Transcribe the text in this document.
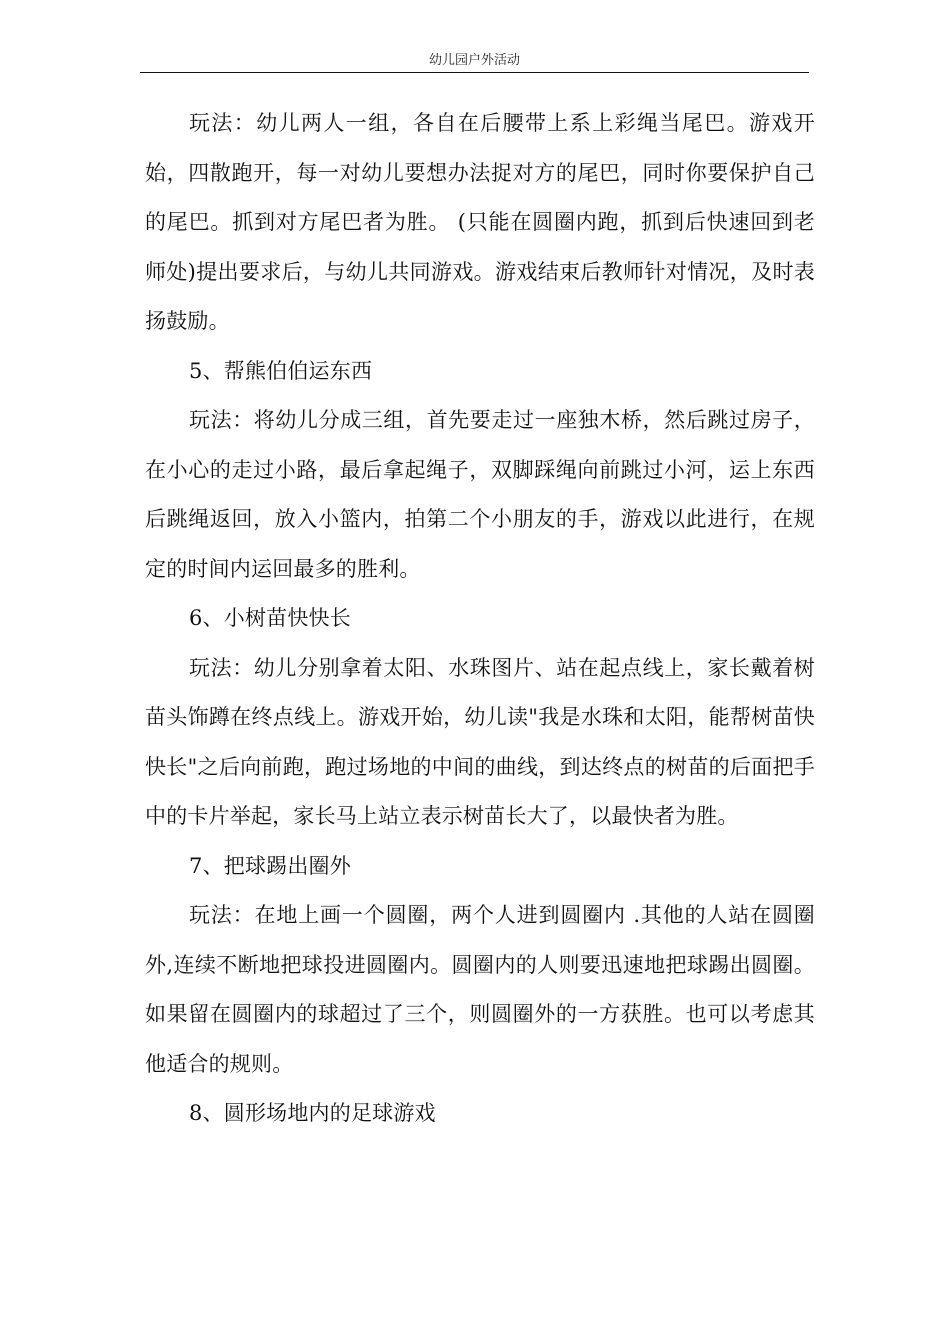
幼儿园户外活动

玩法：幼儿两人一组，各自在后腰带上系上彩绳当尾巴。游戏开始，四散跑开，每一对幼儿要想办法捉对方的尾巴，同时你要保护自己的尾巴。抓到对方尾巴者为胜。 (只能在圆圈内跑，抓到后快速回到老师处)提出要求后，与幼儿共同游戏。游戏结束后教师针对情况，及时表扬鼓励。

5、帮熊伯伯运东西

玩法：将幼儿分成三组，首先要走过一座独木桥，然后跳过房子，在小心的走过小路，最后拿起绳子，双脚踩绳向前跳过小河，运上东西后跳绳返回，放入小篮内，拍第二个小朋友的手，游戏以此进行，在规定的时间内运回最多的胜利。

6、小树苗快快长

玩法：幼儿分别拿着太阳、水珠图片、站在起点线上，家长戴着树苗头饰蹲在终点线上。游戏开始，幼儿读"我是水珠和太阳，能帮树苗快快长"之后向前跑，跑过场地的中间的曲线，到达终点的树苗的后面把手中的卡片举起，家长马上站立表示树苗长大了，以最快者为胜。

7、把球踢出圈外

玩法：在地上画一个圆圈，两个人进到圆圈内 .其他的人站在圆圈外,连续不断地把球投进圆圈内。圆圈内的人则要迅速地把球踢出圆圈。如果留在圆圈内的球超过了三个，则圆圈外的一方获胜。也可以考虑其他适合的规则。

8、圆形场地内的足球游戏
